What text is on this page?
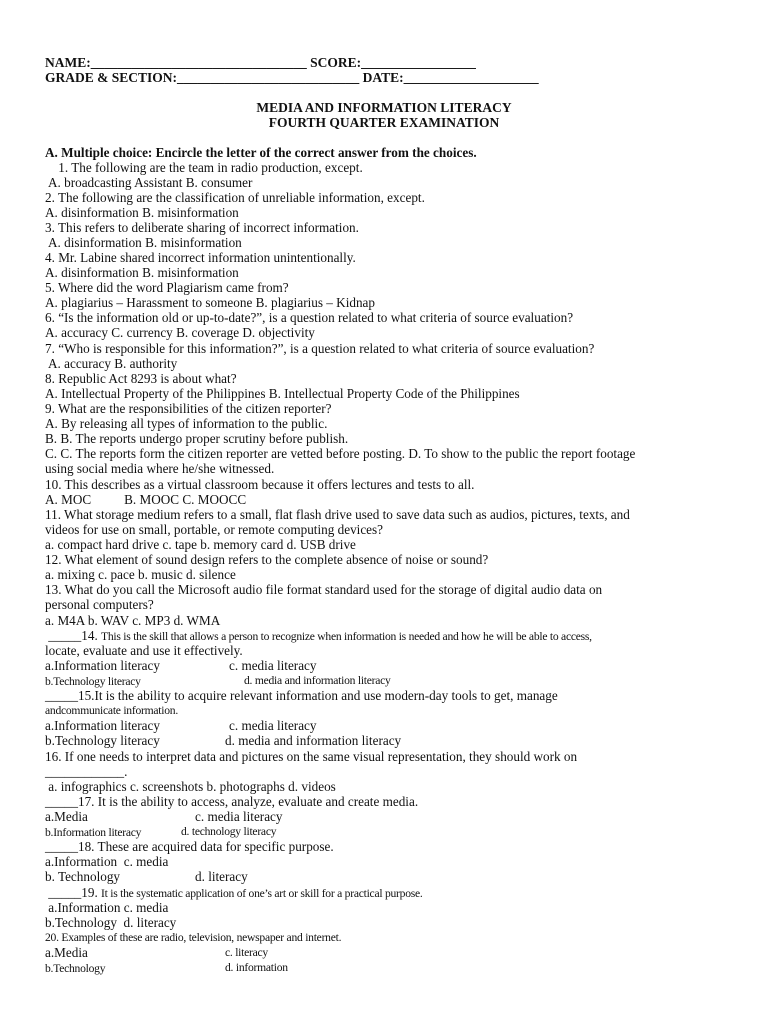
NAME:________________________________ SCORE:_________________
GRADE & SECTION:___________________________ DATE:____________________
MEDIA AND INFORMATION LITERACY
FOURTH QUARTER EXAMINATION
A. Multiple choice: Encircle the letter of the correct answer from the choices.
1. The following are the team in radio production, except.
A. broadcasting Assistant B. consumer
2. The following are the classification of unreliable information, except.
A. disinformation B. misinformation
3. This refers to deliberate sharing of incorrect information.
A. disinformation B. misinformation
4. Mr. Labine shared incorrect information unintentionally.
A. disinformation B. misinformation
5. Where did the word Plagiarism came from?
A. plagiarius – Harassment to someone B. plagiarius – Kidnap
6. “Is the information old or up-to-date?”, is a question related to what criteria of source evaluation?
A. accuracy C. currency B. coverage D. objectivity
7. “Who is responsible for this information?”, is a question related to what criteria of source evaluation?
A. accuracy B. authority
8. Republic Act 8293 is about what?
A. Intellectual Property of the Philippines B. Intellectual Property Code of the Philippines
9. What are the responsibilities of the citizen reporter?
A. By releasing all types of information to the public.
B. B. The reports undergo proper scrutiny before publish.
C. C. The reports form the citizen reporter are vetted before posting. D. To show to the public the report footage
using social media where he/she witnessed.
10. This describes as a virtual classroom because it offers lectures and tests to all.
A. MOC          B. MOOC C. MOOCC
11. What storage medium refers to a small, flat flash drive used to save data such as audios, pictures, texts, and
videos for use on small, portable, or remote computing devices?
a. compact hard drive c. tape b. memory card d. USB drive
12. What element of sound design refers to the complete absence of noise or sound?
a. mixing c. pace b. music d. silence
13. What do you call the Microsoft audio file format standard used for the storage of digital audio data on
personal computers?
a. M4A b. WAV c. MP3 d. WMA
_____14. This is the skill that allows a person to recognize when information is needed and how he will be able to access,
locate, evaluate and use it effectively.
a.Information literacy	c. media literacy
b.Technology literacy	d. media and information literacy
_____15.It is the ability to acquire relevant information and use modern-day tools to get, manage
andcommunicate information.
a.Information literacy	c. media literacy
b.Technology literacy	d. media and information literacy
16. If one needs to interpret data and pictures on the same visual representation, they should work on
____________.
a. infographics c. screenshots b. photographs d. videos
_____17. It is the ability to access, analyze, evaluate and create media.
a.Media	c. media literacy
b.Information literacy	d. technology literacy
_____18. These are acquired data for specific purpose.
a.Information  c. media
b. Technology	d. literacy
_____19. It is the systematic application of one’s art or skill for a practical purpose.
a.Information c. media
b.Technology  d. literacy
20. Examples of these are radio, television, newspaper and internet.
a.Media	c. literacy
b.Technology	d. information
